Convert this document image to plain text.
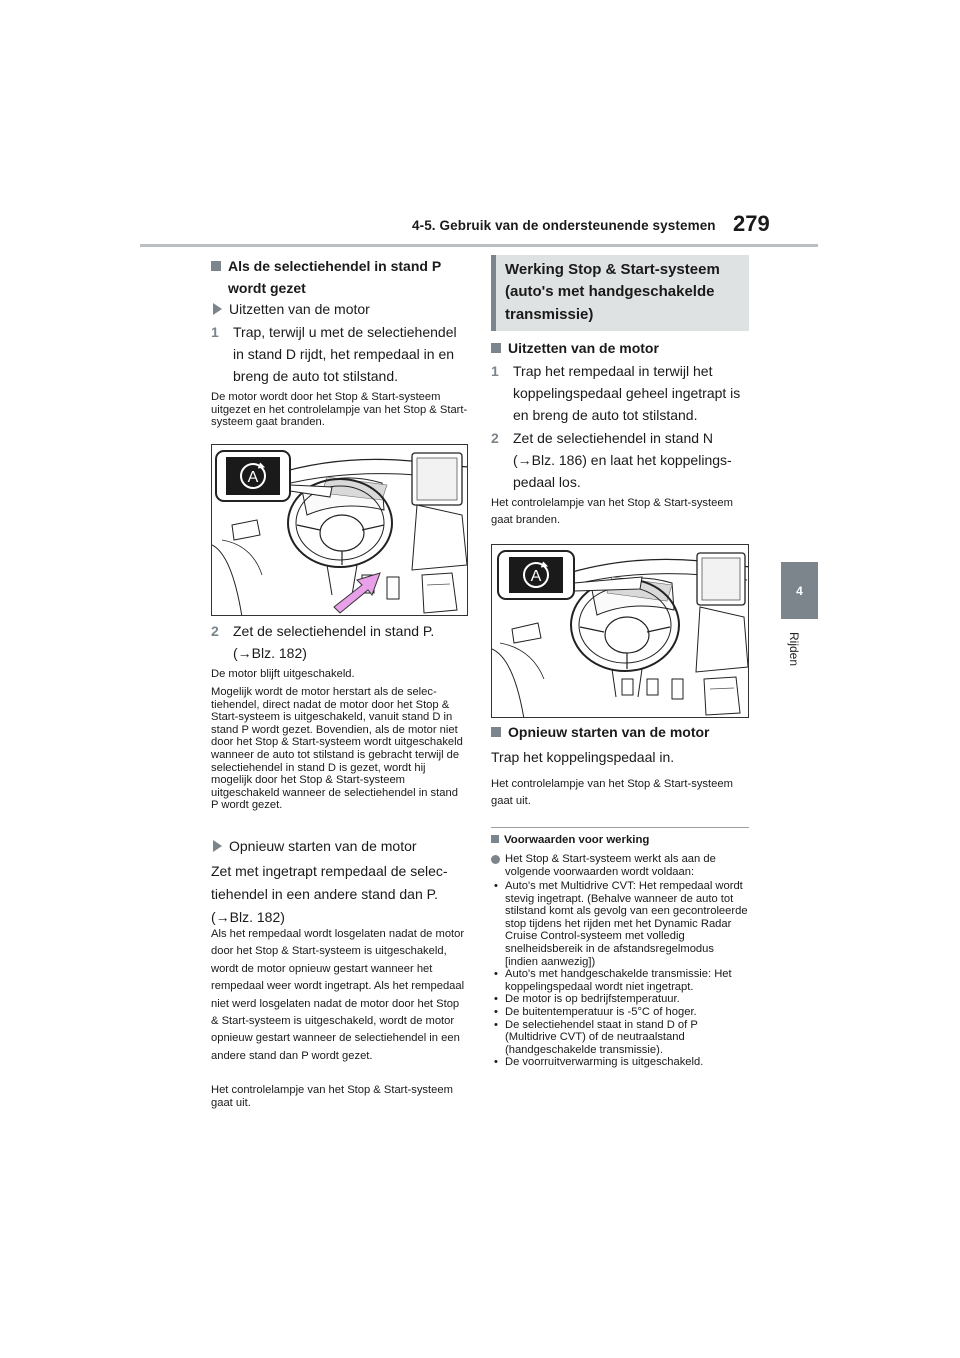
4-5. Gebruik van de ondersteunende systemen 279
4
Rijden
Als de selectiehendel in stand P wordt gezet
Uitzetten van de motor
1	Trap, terwijl u met de selectiehendel in stand D rijdt, het rempedaal in en breng de auto tot stilstand.
De motor wordt door het Stop & Start-systeem uitgezet en het controlelampje van het Stop & Start-systeem gaat branden.
A
2	Zet de selectiehendel in stand P. (→Blz. 182)
De motor blijft uitgeschakeld.
Mogelijk wordt de motor herstart als de selectiehendel, direct nadat de motor door het Stop & Start-systeem is uitgeschakeld, vanuit stand D in stand P wordt gezet. Bovendien, als de motor niet door het Stop & Start-systeem wordt uitgeschakeld wanneer de auto tot stilstand is gebracht terwijl de selectiehendel in stand D is gezet, wordt hij mogelijk door het Stop & Start-systeem uitgeschakeld wanneer de selectiehendel in stand P wordt gezet.
Opnieuw starten van de motor
Zet met ingetrapt rempedaal de selectiehendel in een andere stand dan P. (→Blz. 182)
Als het rempedaal wordt losgelaten nadat de motor door het Stop & Start-systeem is uitgeschakeld, wordt de motor opnieuw gestart wanneer het rempedaal weer wordt ingetrapt. Als het rempedaal niet werd losgelaten nadat de motor door het Stop & Start-systeem is uitgeschakeld, wordt de motor opnieuw gestart wanneer de selectiehendel in een andere stand dan P wordt gezet.
Het controlelampje van het Stop & Start-systeem gaat uit.
Werking Stop & Start-systeem (auto's met handgeschakelde transmissie)
Uitzetten van de motor
1	Trap het rempedaal in terwijl het koppelingspedaal geheel ingetrapt is en breng de auto tot stilstand.
2	Zet de selectiehendel in stand N (→Blz. 186) en laat het koppelingspedaal los.
Het controlelampje van het Stop & Start-systeem gaat branden.
A
Opnieuw starten van de motor
Trap het koppelingspedaal in.
Het controlelampje van het Stop & Start-systeem gaat uit.
Voorwaarden voor werking
Het Stop & Start-systeem werkt als aan de volgende voorwaarden wordt voldaan:
• Auto's met Multidrive CVT: Het rempedaal wordt stevig ingetrapt. (Behalve wanneer de auto tot stilstand komt als gevolg van een gecontroleerde stop tijdens het rijden met het Dynamic Radar Cruise Control-systeem met volledig snelheidsbereik in de afstandsregelmodus [indien aanwezig])
• Auto's met handgeschakelde transmissie: Het koppelingspedaal wordt niet ingetrapt.
• De motor is op bedrijfstemperatuur.
• De buitentemperatuur is -5°C of hoger.
• De selectiehendel staat in stand D of P (Multidrive CVT) of de neutraalstand (handgeschakelde transmissie).
• De voorruitverwarming is uitgeschakeld.
